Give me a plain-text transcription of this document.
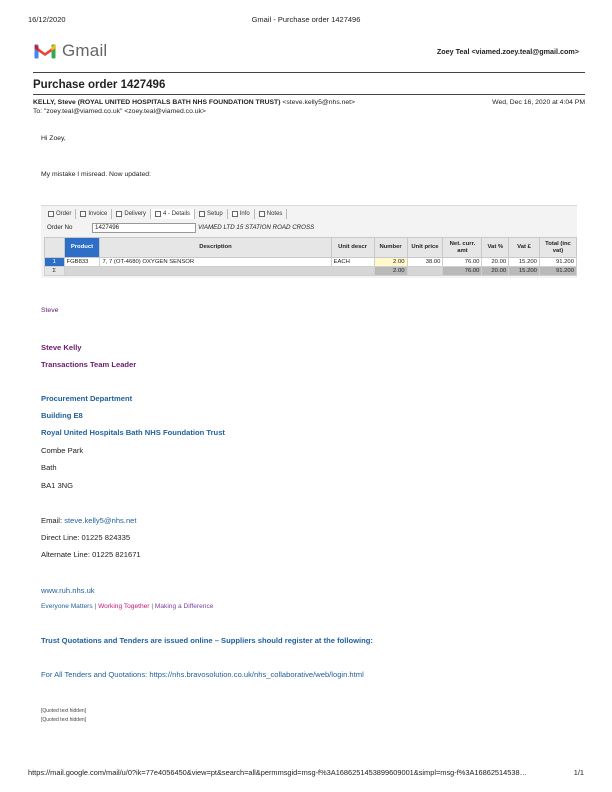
16/12/2020	Gmail - Purchase order 1427496
Gmail	Zoey Teal <viamed.zoey.teal@gmail.com>
Purchase order 1427496
KELLY, Steve (ROYAL UNITED HOSPITALS BATH NHS FOUNDATION TRUST) <steve.kelly5@nhs.net>	Wed, Dec 16, 2020 at 4:04 PM
To: "zoey.teal@viamed.co.uk" <zoey.teal@viamed.co.uk>
Hi Zoey,
My mistake I misread. Now updated:
Order	Invoice	Delivery	4 - Details	Setup	Info	Notes
Order No	1427496	VIAMED LTD 15 STATION ROAD CROSS
	Product	Description	Unit descr	Number	Unit price	Net. curr. amt	Vat %	Vat £	Total (inc vat)
1	FGB833	7, 7 (OT-4680) OXYGEN SENSOR	EACH	2.00	38.00	76.00	20.00	15.200	91.200
Σ				2.00		76.00	20.00	15.200	91.200
Steve
Steve Kelly
Transactions Team Leader
Procurement Department
Building E8
Royal United Hospitals Bath NHS Foundation Trust
Combe Park
Bath
BA1 3NG
Email: steve.kelly5@nhs.net
Direct Line: 01225 824335
Alternate Line: 01225 821671
www.ruh.nhs.uk
Everyone Matters | Working Together | Making a Difference
Trust Quotations and Tenders are issued online – Suppliers should register at the following:
For All Tenders and Quotations: https://nhs.bravosolution.co.uk/nhs_collaborative/web/login.html
[Quoted text hidden]
[Quoted text hidden]
https://mail.google.com/mail/u/0?ik=77e4056450&view=pt&search=all&permmsgid=msg-f%3A1686251453899609001&simpl=msg-f%3A16862514538…	1/1
